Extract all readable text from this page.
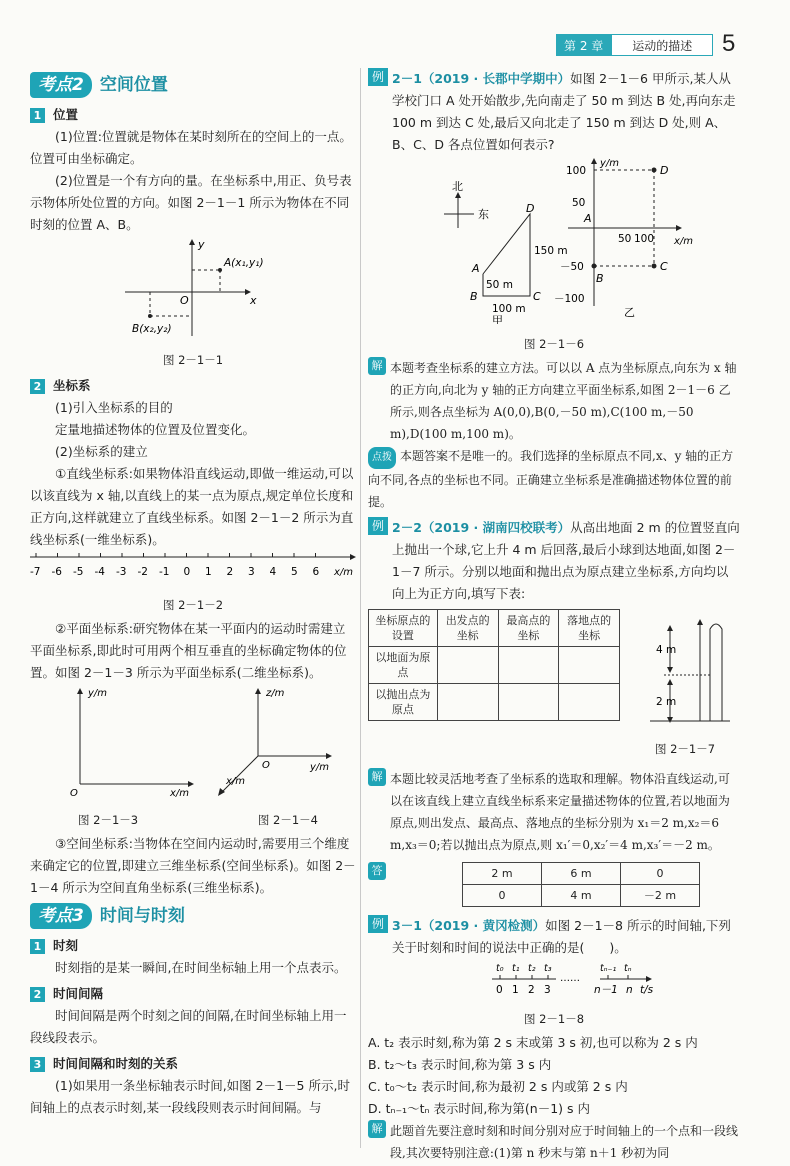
第 2 章	运动的描述	5
考点2 空间位置
1 位置

(1)位置:位置就是物体在某时刻所在的空间上的一点。位置可由坐标确定。

(2)位置是一个有方向的量。在坐标系中,用正、负号表示物体所处位置的方向。如图 2－1－1 所示为物体在不同时刻的位置 A、B。

y
x
O
A(x₁,y₁)
B(x₂,y₂)

图 2－1－1

2 坐标系

(1)引入坐标系的目的

定量地描述物体的位置及位置变化。

(2)坐标系的建立

①直线坐标系:如果物体沿直线运动,即做一维运动,可以以该直线为 x 轴,以直线上的某一点为原点,规定单位长度和正方向,这样就建立了直线坐标系。如图 2－1－2 所示为直线坐标系(一维坐标系)。

-7 -6 -5 -4 -3 -2 -1 0 1 2 3 4 5 6 x/m

图 2－1－2

②平面坐标系:研究物体在某一平面内的运动时需建立平面坐标系,即此时可用两个相互垂直的坐标确定物体的位置。如图 2－1－3 所示为平面坐标系(二维坐标系)。

y/m
x/m
O
z/m
y/m
x/m
O
图 2－1－3	图 2－1－4

③空间坐标系:当物体在空间内运动时,需要用三个维度来确定它的位置,即建立三维坐标系(空间坐标系)。如图 2－1－4 所示为空间直角坐标系(三维坐标系)。

考点3 时间与时刻
1 时刻

时刻指的是某一瞬间,在时间坐标轴上用一个点表示。

2 时间间隔

时间间隔是两个时刻之间的间隔,在时间坐标轴上用一段线段表示。

3 时间间隔和时刻的关系

(1)如果用一条坐标轴表示时间,如图 2－1－5 所示,时间轴上的点表示时刻,某一段线段则表示时间间隔。与

例 2－1（2019 · 长郡中学期中）如图 2－1－6 甲所示,某人从学校门口 A 处开始散步,先向南走了 50 m 到达 B 处,再向东走 100 m 到达 C 处,最后又向北走了 150 m 到达 D 处,则 A、B、C、D 各点位置如何表示?

北
东
A
B	C
D
50 m
100 m
150 m
甲
y/m
x/m
100
50
－50
－100
50 100
A
B
C
D
乙

图 2－1－6

解 本题考查坐标系的建立方法。可以以 A 点为坐标原点,向东为 x 轴的正方向,向北为 y 轴的正方向建立平面坐标系,如图 2－1－6 乙所示,则各点坐标为 A(0,0),B(0,－50 m),C(100 m,－50 m),D(100 m,100 m)。

点拨 本题答案不是唯一的。我们选择的坐标原点不同,x、y 轴的正方向不同,各点的坐标也不同。正确建立坐标系是准确描述物体位置的前提。

例 2－2（2019 · 湖南四校联考）从高出地面 2 m 的位置竖直向上抛出一个球,它上升 4 m 后回落,最后小球到达地面,如图 2－1－7 所示。分别以地面和抛出点为原点建立坐标系,方向均以向上为正方向,填写下表:

坐标原点的设置	出发点的坐标	最高点的坐标	落地点的坐标
以地面为原点			
以抛出点为原点			
4 m
2 m

图 2－1－7

解 本题比较灵活地考查了坐标系的选取和理解。物体沿直线运动,可以在该直线上建立直线坐标系来定量描述物体的位置,若以地面为原点,则出发点、最高点、落地点的坐标分别为 x₁＝2 m,x₂＝6 m,x₃＝0;若以抛出点为原点,则 x₁′＝0,x₂′＝4 m,x₃′＝－2 m。

答	2 m	6 m	0
0	4 m	－2 m
例 3－1（2019 · 黄冈检测）如图 2－1－8 所示的时间轴,下列关于时刻和时间的说法中正确的是(　　)。

……
t₀ t₁ t₂ t₃	tₙ₋₁ tₙ
0 1 2 3	n－1 n t/s

图 2－1－8

A. t₂ 表示时刻,称为第 2 s 末或第 3 s 初,也可以称为 2 s 内

B. t₂～t₃ 表示时间,称为第 3 s 内

C. t₀～t₂ 表示时间,称为最初 2 s 内或第 2 s 内

D. tₙ₋₁～tₙ 表示时间,称为第(n－1) s 内

解 此题首先要注意时刻和时间分别对应于时间轴上的一个点和一段线段,其次要特别注意:(1)第 n 秒末与第 n＋1 秒初为同
